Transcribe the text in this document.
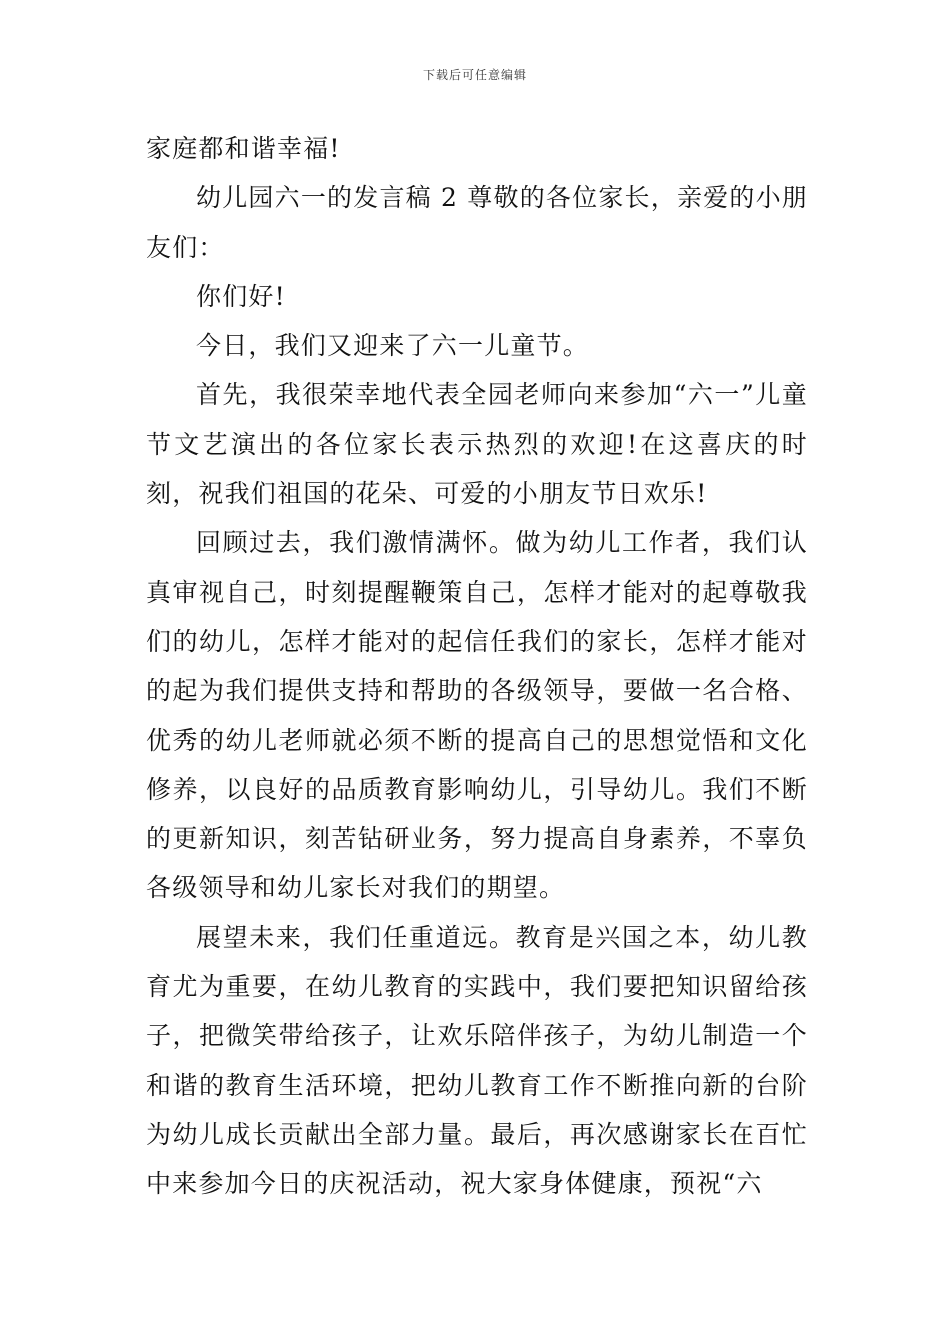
下载后可任意编辑

家庭都和谐幸福!

幼儿园六一的发言稿 2 尊敬的各位家长，亲爱的小朋友们：

你们好!

今日，我们又迎来了六一儿童节。

首先，我很荣幸地代表全园老师向来参加“六一”儿童节文艺演出的各位家长表示热烈的欢迎!在这喜庆的时刻，祝我们祖国的花朵、可爱的小朋友节日欢乐!

回顾过去，我们激情满怀。做为幼儿工作者，我们认真审视自己，时刻提醒鞭策自己，怎样才能对的起尊敬我们的幼儿，怎样才能对的起信任我们的家长，怎样才能对的起为我们提供支持和帮助的各级领导，要做一名合格、优秀的幼儿老师就必须不断的提高自己的思想觉悟和文化修养，以良好的品质教育影响幼儿，引导幼儿。我们不断的更新知识，刻苦钻研业务，努力提高自身素养，不辜负各级领导和幼儿家长对我们的期望。

展望未来，我们任重道远。教育是兴国之本，幼儿教育尤为重要，在幼儿教育的实践中，我们要把知识留给孩子，把微笑带给孩子，让欢乐陪伴孩子，为幼儿制造一个和谐的教育生活环境，把幼儿教育工作不断推向新的台阶为幼儿成长贡献出全部力量。最后，再次感谢家长在百忙中来参加今日的庆祝活动，祝大家身体健康，预祝“六
